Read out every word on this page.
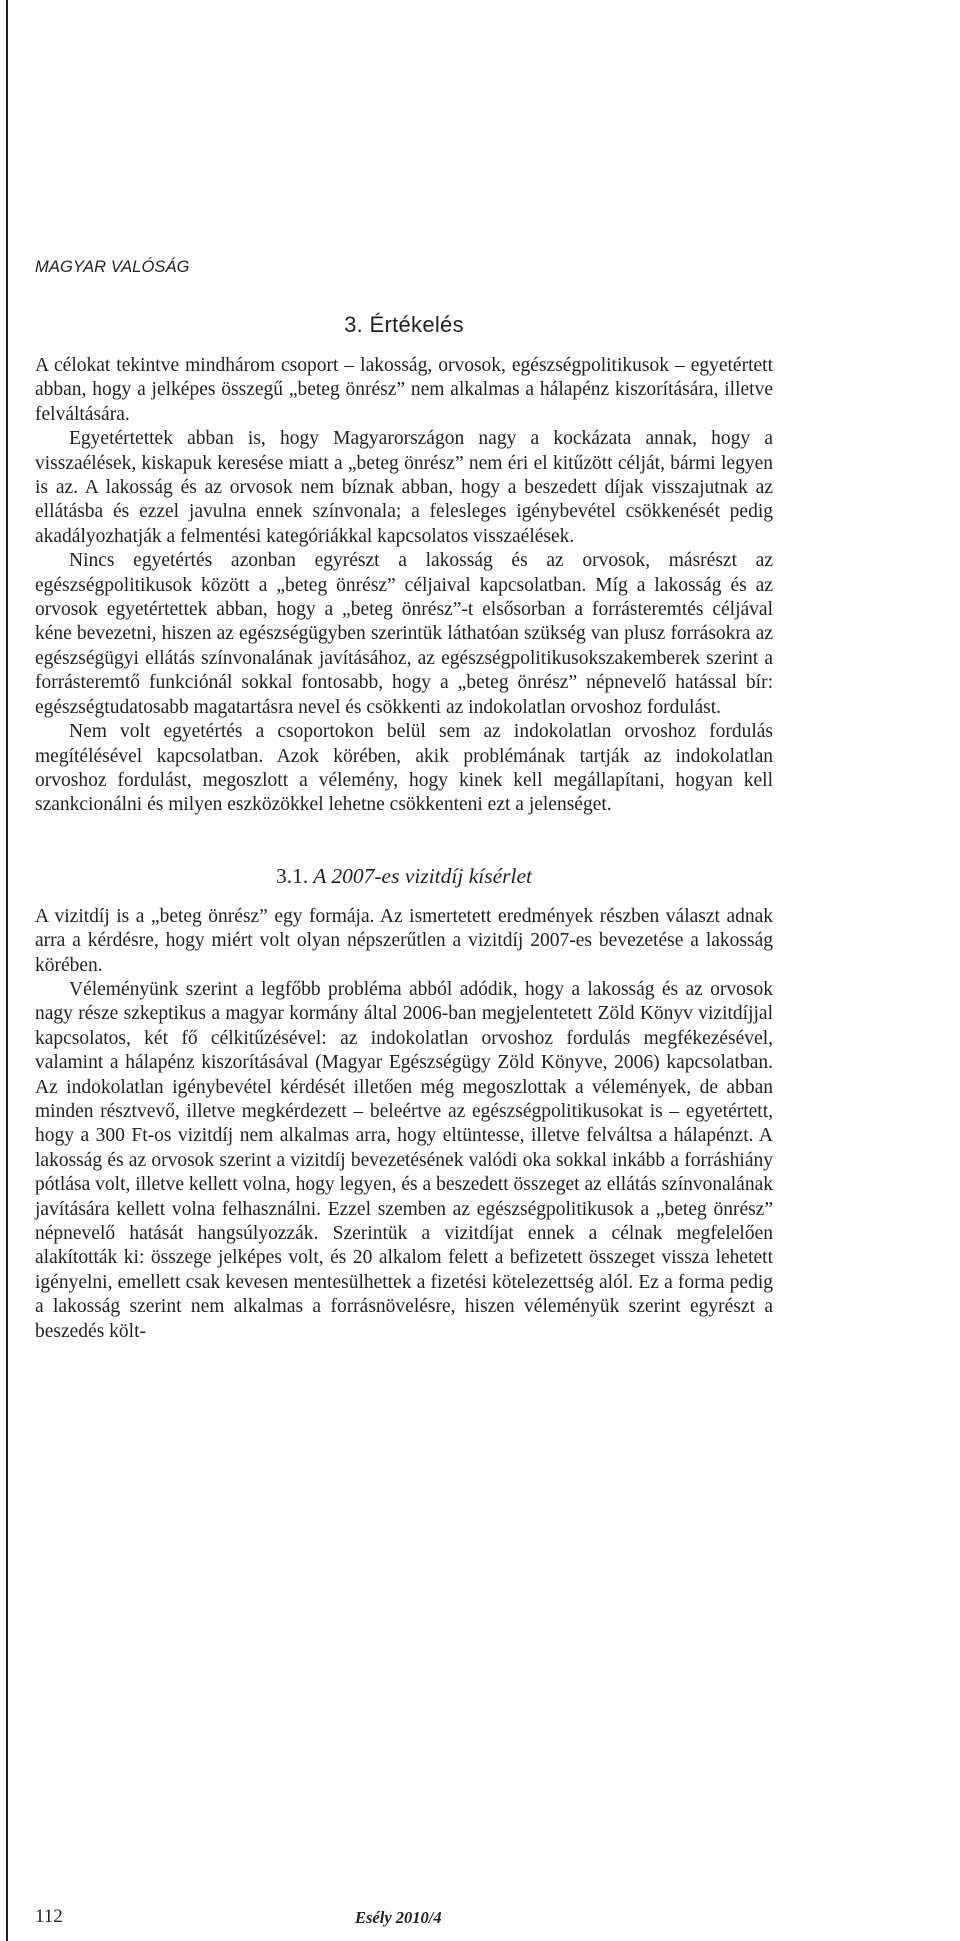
MAGYAR VALÓSÁG
3. Értékelés

A célokat tekintve mindhárom csoport – lakosság, orvosok, egészségpolitikusok – egyetértett abban, hogy a jelképes összegű „beteg önrész” nem alkalmas a hálapénz kiszorítására, illetve felváltására.

Egyetértettek abban is, hogy Magyarországon nagy a kockázata annak, hogy a visszaélések, kiskapuk keresése miatt a „beteg önrész” nem éri el kitűzött célját, bármi legyen is az. A lakosság és az orvosok nem bíznak abban, hogy a beszedett díjak visszajutnak az ellátásba és ezzel javulna ennek színvonala; a felesleges igénybevétel csökkenését pedig akadályozhatják a felmentési kategóriákkal kapcsolatos visszaélések.

Nincs egyetértés azonban egyrészt a lakosság és az orvosok, másrészt az egészségpolitikusok között a „beteg önrész” céljaival kapcsolatban. Míg a lakosság és az orvosok egyetértettek abban, hogy a „beteg önrész”-t elsősorban a forrásteremtés céljával kéne bevezetni, hiszen az egészségügyben szerintük láthatóan szükség van plusz forrásokra az egészségügyi ellátás színvonalának javításához, az egészségpolitikusokszakemberek szerint a forrásteremtő funkciónál sokkal fontosabb, hogy a „beteg önrész” népnevelő hatással bír: egészségtudatosabb magatartásra nevel és csökkenti az indokolatlan orvoshoz fordulást.

Nem volt egyetértés a csoportokon belül sem az indokolatlan orvoshoz fordulás megítélésével kapcsolatban. Azok körében, akik problémának tartják az indokolatlan orvoshoz fordulást, megoszlott a vélemény, hogy kinek kell megállapítani, hogyan kell szankcionálni és milyen eszközökkel lehetne csökkenteni ezt a jelenséget.

3.1. A 2007-es vizitdíj kísérlet

A vizitdíj is a „beteg önrész” egy formája. Az ismertetett eredmények részben választ adnak arra a kérdésre, hogy miért volt olyan népszerűtlen a vizitdíj 2007-es bevezetése a lakosság körében.

Véleményünk szerint a legfőbb probléma abból adódik, hogy a lakosság és az orvosok nagy része szkeptikus a magyar kormány által 2006-ban megjelentetett Zöld Könyv vizitdíjjal kapcsolatos, két fő célkitűzésével: az indokolatlan orvoshoz fordulás megfékezésével, valamint a hálapénz kiszorításával (Magyar Egészségügy Zöld Könyve, 2006) kapcsolatban. Az indokolatlan igénybevétel kérdését illetően még megoszlottak a vélemények, de abban minden résztvevő, illetve megkérdezett – beleértve az egészségpolitikusokat is – egyetértett, hogy a 300 Ft-os vizitdíj nem alkalmas arra, hogy eltüntesse, illetve felváltsa a hálapénzt. A lakosság és az orvosok szerint a vizitdíj bevezetésének valódi oka sokkal inkább a forráshiány pótlása volt, illetve kellett volna, hogy legyen, és a beszedett összeget az ellátás színvonalának javítására kellett volna felhasználni. Ezzel szemben az egészségpolitikusok a „beteg önrész” népnevelő hatását hangsúlyozzák. Szerintük a vizitdíjat ennek a célnak megfelelően alakították ki: összege jelképes volt, és 20 alkalom felett a befizetett összeget vissza lehetett igényelni, emellett csak kevesen mentesülhettek a fizetési kötelezettség alól. Ez a forma pedig a lakosság szerint nem alkalmas a forrásnövelésre, hiszen véleményük szerint egyrészt a beszedés költ-

112	Esély 2010/4
